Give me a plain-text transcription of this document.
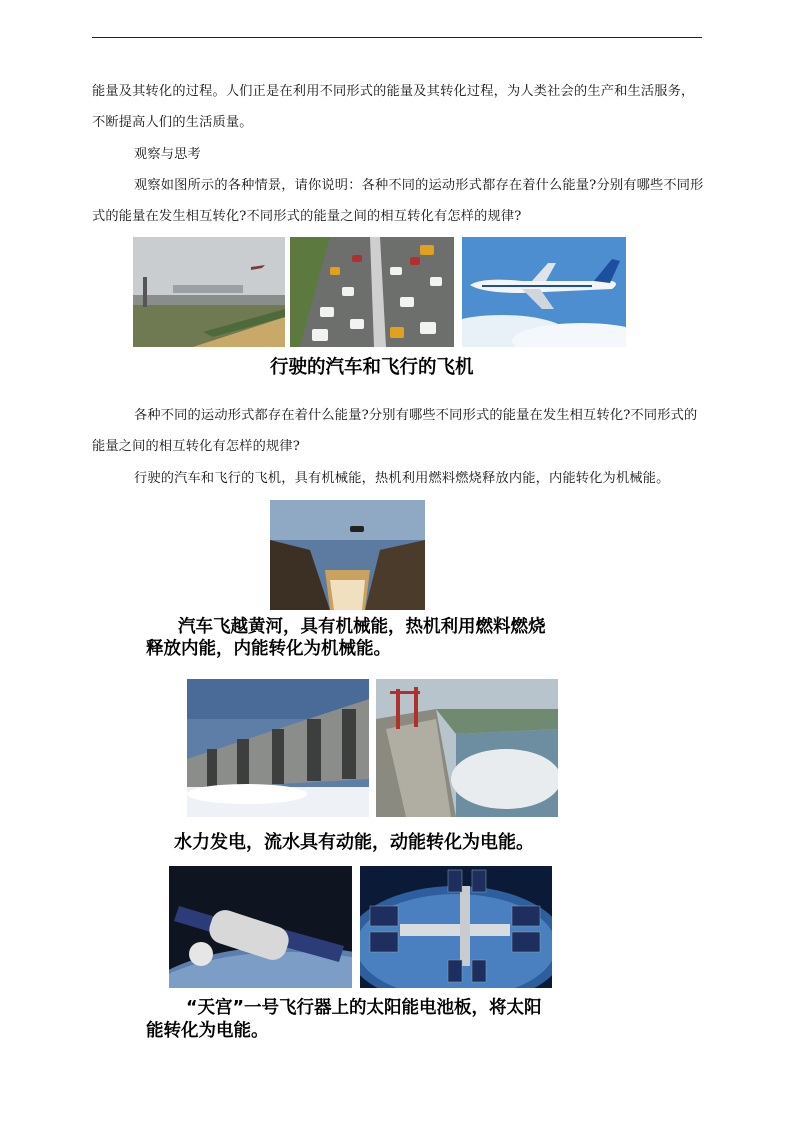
能量及其转化的过程。人们正是在利用不同形式的能量及其转化过程，为人类社会的生产和生活服务，

不断提高人们的生活质量。

观察与思考

观察如图所示的各种情景，请你说明：各种不同的运动形式都存在着什么能量?分别有哪些不同形式的能量在发生相互转化?不同形式的能量之间的相互转化有怎样的规律?

行驶的汽车和飞行的飞机

各种不同的运动形式都存在着什么能量?分别有哪些不同形式的能量在发生相互转化?不同形式的能量之间的相互转化有怎样的规律?

行驶的汽车和飞行的飞机，具有机械能，热机利用燃料燃烧释放内能，内能转化为机械能。

汽车飞越黄河，具有机械能，热机利用燃料燃烧

释放内能，内能转化为机械能。

水力发电，流水具有动能，动能转化为电能。

“天宫”一号飞行器上的太阳能电池板，将太阳

能转化为电能。
